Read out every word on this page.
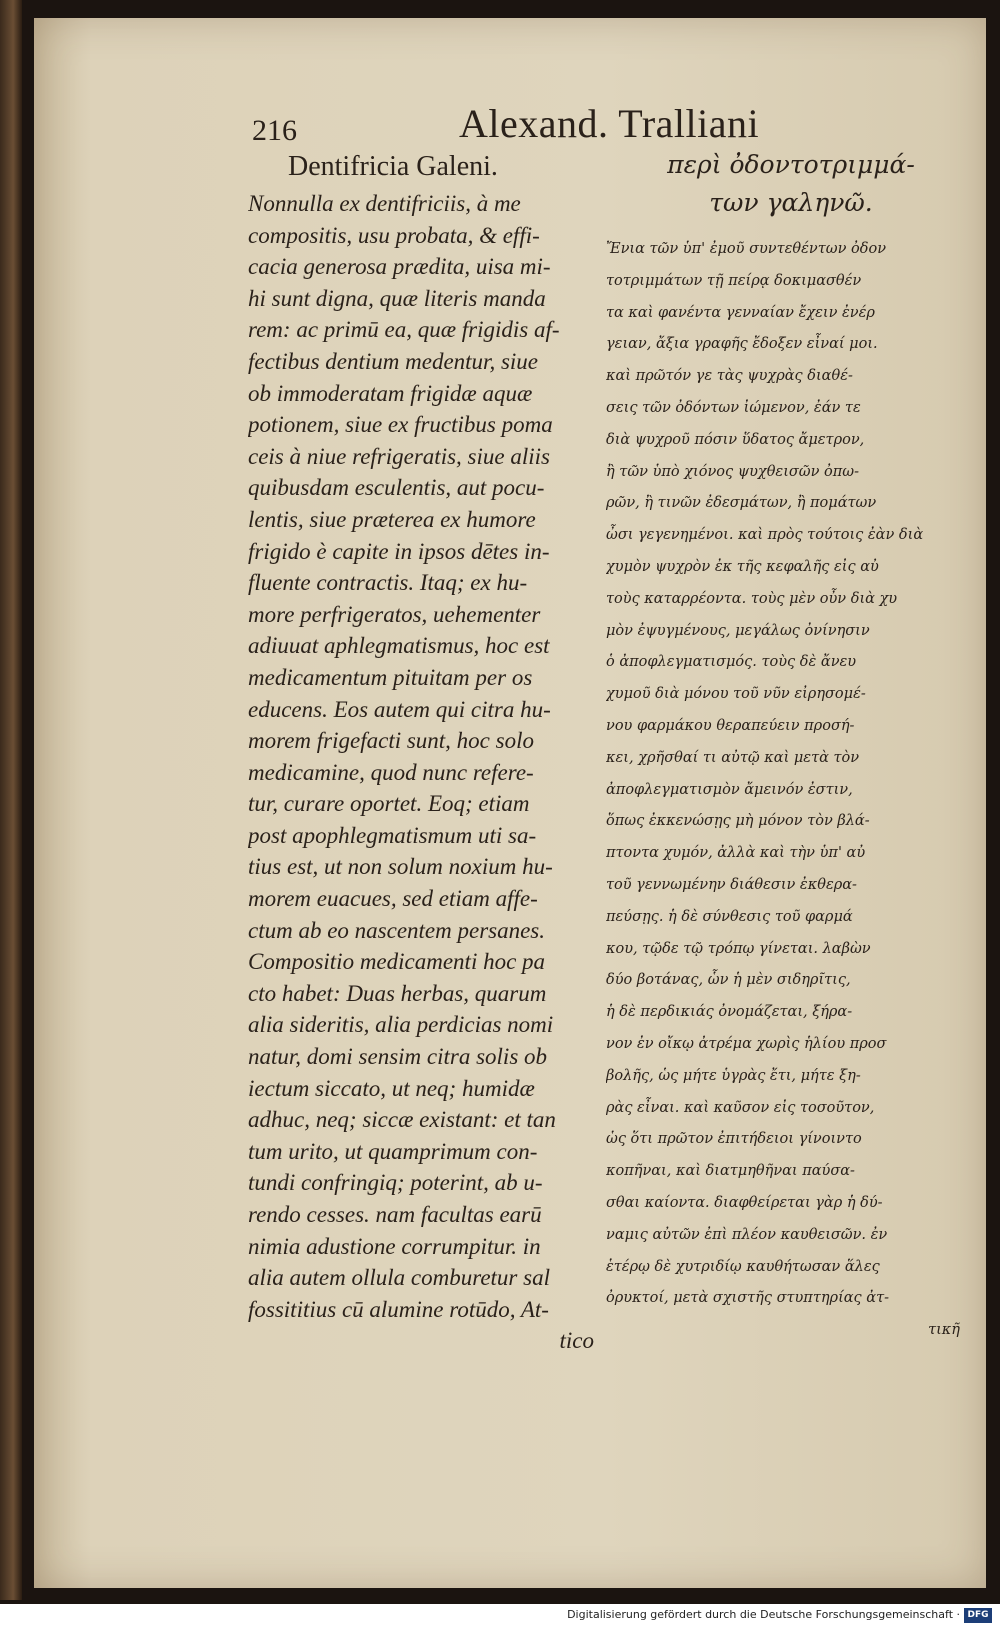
216	Alexand. Tralliani
Dentifricia Galeni.
Nonnulla ex dentifriciis, à me
compositis, usu probata, & effi-
cacia generosa prædita, uisa mi-
hi sunt digna, quæ literis manda
rem: ac primū ea, quæ frigidis af-
fectibus dentium medentur, siue
ob immoderatam frigidæ aquæ
potionem, siue ex fructibus poma
ceis à niue refrigeratis, siue aliis
quibusdam esculentis, aut pocu-
lentis, siue præterea ex humore
frigido è capite in ipsos dētes in-
fluente contractis. Itaq; ex hu-
more perfrigeratos, uehementer
adiuuat aphlegmatismus, hoc est
medicamentum pituitam per os
educens. Eos autem qui citra hu-
morem frigefacti sunt, hoc solo
medicamine, quod nunc refere-
tur, curare oportet. Eoq; etiam
post apophlegmatismum uti sa-
tius est, ut non solum noxium hu-
morem euacues, sed etiam affe-
ctum ab eo nascentem persanes.
Compositio medicamenti hoc pa
cto habet: Duas herbas, quarum
alia sideritis, alia perdicias nomi
natur, domi sensim citra solis ob
iectum siccato, ut neq; humidæ
adhuc, neq; siccæ existant: et tan
tum urito, ut quamprimum con-
tundi confringiq; poterint, ab u-
rendo cesses. nam facultas earū
nimia adustione corrumpitur. in
alia autem ollula comburetur sal
fossititius cū alumine rotūdo, At-
tico
περὶ ὀδοντοτριμμά-
των γαληνῶ.
Ἔνια τῶν ὑπ' ἐμοῦ συντεθέντων ὀδον
τοτριμμάτων τῇ πείρᾳ δοκιμασθέν
τα καὶ φανέντα γενναίαν ἔχειν ἐνέρ
γειαν, ἄξια γραφῆς ἔδοξεν εἶναί μοι.
καὶ πρῶτόν γε τὰς ψυχρὰς διαθέ-
σεις τῶν ὀδόντων ἰώμενον, ἐάν τε
διὰ ψυχροῦ πόσιν ὕδατος ἄμετρον,
ἢ τῶν ὑπὸ χιόνος ψυχθεισῶν ὀπω-
ρῶν, ἢ τινῶν ἐδεσμάτων, ἢ πομάτων
ὦσι γεγενημένοι. καὶ πρὸς τούτοις ἐὰν διὰ
χυμὸν ψυχρὸν ἐκ τῆς κεφαλῆς εἰς αὐ
τοὺς καταρρέοντα. τοὺς μὲν οὖν διὰ χυ
μὸν ἐψυγμένους, μεγάλως ὀνίνησιν
ὁ ἀποφλεγματισμός. τοὺς δὲ ἄνευ
χυμοῦ διὰ μόνου τοῦ νῦν εἰρησομέ-
νου φαρμάκου θεραπεύειν προσή-
κει, χρῆσθαί τι αὐτῷ καὶ μετὰ τὸν
ἀποφλεγματισμὸν ἄμεινόν ἐστιν,
ὅπως ἐκκενώσῃς μὴ μόνον τὸν βλά-
πτοντα χυμόν, ἀλλὰ καὶ τὴν ὑπ' αὐ
τοῦ γεννωμένην διάθεσιν ἐκθερα-
πεύσῃς. ἡ δὲ σύνθεσις τοῦ φαρμά
κου, τῷδε τῷ τρόπῳ γίνεται. λαβὼν
δύο βοτάνας, ὧν ἡ μὲν σιδηρῖτις,
ἡ δὲ περδικιάς ὀνομάζεται, ξήρα-
νον ἐν οἴκῳ ἀτρέμα χωρὶς ἡλίου προσ
βολῆς, ὡς μήτε ὑγρὰς ἔτι, μήτε ξη-
ρὰς εἶναι. καὶ καῦσον εἰς τοσοῦτον,
ὡς ὅτι πρῶτον ἐπιτήδειοι γίνοιντο
κοπῆναι, καὶ διατμηθῆναι παύσα-
σθαι καίοντα. διαφθείρεται γὰρ ἡ δύ-
ναμις αὐτῶν ἐπὶ πλέον καυθεισῶν. ἐν
ἑτέρῳ δὲ χυτριδίῳ καυθήτωσαν ἅλες
ὀρυκτοί, μετὰ σχιστῆς στυπτηρίας ἀτ-
τικῆ
Digitalisierung gefördert durch die Deutsche Forschungsgemeinschaft · DFG
